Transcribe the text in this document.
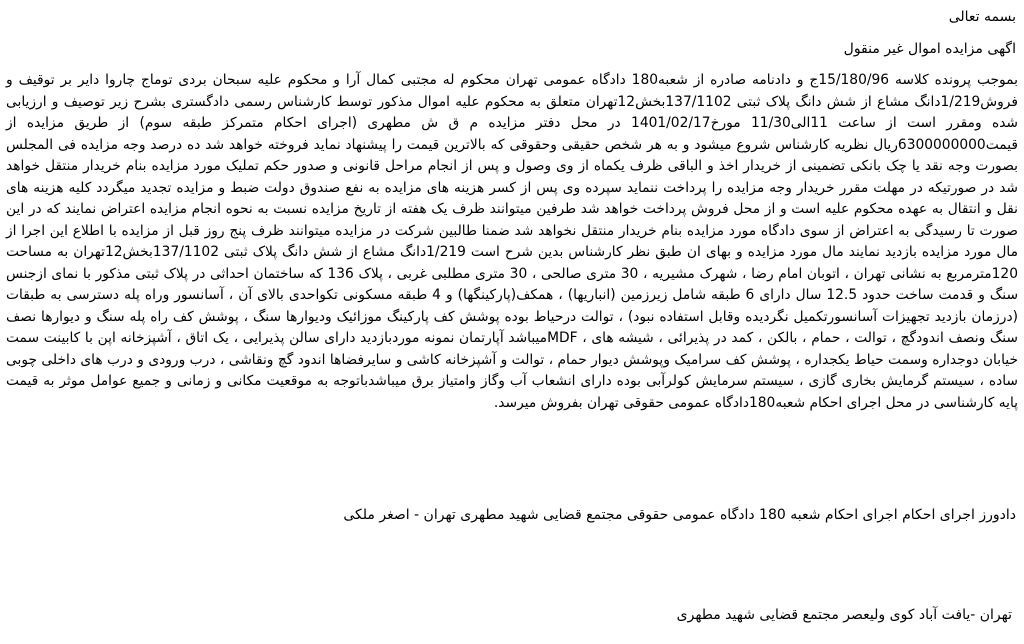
بسمه تعالی
اگهی مزایده اموال غیر منقول

بموجب پرونده کلاسه 15/180/96ج و دادنامه صادره از شعبه180 دادگاه عمومی تهران محکوم له مجتبی کمال آرا و محکوم علیه سبحان بردی توماج چاروا دایر بر توقیف و فروش1/219دانگ مشاع از شش دانگ پلاک ثبتی 137/1102بخش12تهران متعلق به محکوم علیه اموال مذکور توسط کارشناس رسمی دادگستری بشرح زیر توصیف و ارزیابی شده ومقرر است از ساعت 11الی11/30 مورخ1401/02/17 در محل دفتر مزایده م ق ش مطهری (اجرای احکام متمرکز طبقه سوم) از طریق مزایده از قیمت6300000000ریال نظریه کارشناس شروع میشود و به هر شخص حقیقی وحقوقی که بالاترین قیمت را پیشنهاد نماید فروخته خواهد شد ده درصد وجه مزایده فی المجلس بصورت وجه نقد یا چک بانکی تضمینی از خریدار اخذ و الباقی ظرف یکماه از وی وصول و پس از انجام مراحل قانونی و صدور حکم تملیک مورد مزایده بنام خریدار منتقل خواهد شد در صورتیکه در مهلت مقرر خریدار وجه مزایده را پرداخت ننماید سپرده وی پس از کسر هزینه های مزایده به نفع صندوق دولت ضبط و مزایده تجدید میگردد کلیه هزینه های نقل و انتقال به عهده محکوم علیه است و از محل فروش پرداخت خواهد شد طرفین میتوانند ظرف یک هفته از تاریخ مزایده نسبت به نحوه انجام مزایده اعتراض نمایند که در این صورت تا رسیدگی به اعتراض از سوی دادگاه مورد مزایده بنام خریدار منتقل نخواهد شد ضمنا طالبین شرکت در مزایده میتوانند ظرف پنج روز قبل از مزایده با اطلاع این اجرا از مال مورد مزایده بازدید نمایند مال مورد مزایده و بهای ان طبق نظر کارشناس بدین شرح است 1/219دانگ مشاع از شش دانگ پلاک ثبتی 137/1102بخش12تهران به مساحت 120مترمربع به نشانی تهران ، اتوبان امام رضا ، شهرک مشیریه ، 30 متری صالحی ، 30 متری مطلبی غربی ، پلاک 136 که ساختمان احداثی در پلاک ثبتی مذکور با نمای ازجنس سنگ و قدمت ساخت حدود 12.5 سال دارای 6 طبقه شامل زیرزمین (انباریها) ، همکف(پارکینگها) و 4 طبقه مسکونی تکواحدی بالای آن ، آسانسور وراه پله دسترسی به طبقات (درزمان بازدید تجهیزات آسانسورتکمیل نگردیده وقابل استفاده نبود) ، توالت درحیاط بوده پوشش کف پارکینگ موزائیک ودیوارها سنگ ، پوشش کف راه پله سنگ و دیوارها نصف سنگ ونصف اندودگچ ، توالت ، حمام ، بالکن ، کمد در پذیرائی ، شیشه های ، MDFمیباشد آپارتمان نمونه موردبازدید دارای سالن پذیرایی ، یک اتاق ، آشپزخانه اپن با کابینت سمت خیابان دوجداره وسمت حیاط یکجداره ، پوشش کف سرامیک وپوشش دیوار حمام ، توالت و آشپزخانه کاشی و سایرفضاها اندود گچ ونقاشی ، درب ورودی و درب های داخلی چوبی ساده ، سیستم گرمایش بخاری گازی ، سیستم سرمایش کولرآبی بوده دارای انشعاب آب وگاز وامتیاز برق میباشدباتوجه به موقعیت مکانی و زمانی و جمیع عوامل موثر به قیمت پایه کارشناسی در محل اجرای احکام شعبه180دادگاه عمومی حقوقی تهران بفروش میرسد.

دادورز اجرای احکام اجرای احکام شعبه 180 دادگاه عمومی حقوقی مجتمع قضایی شهید مطهری تهران - اصغر ملکی
تهران -یافت آباد کوی ولیعصر مجتمع قضایی شهید مطهری
